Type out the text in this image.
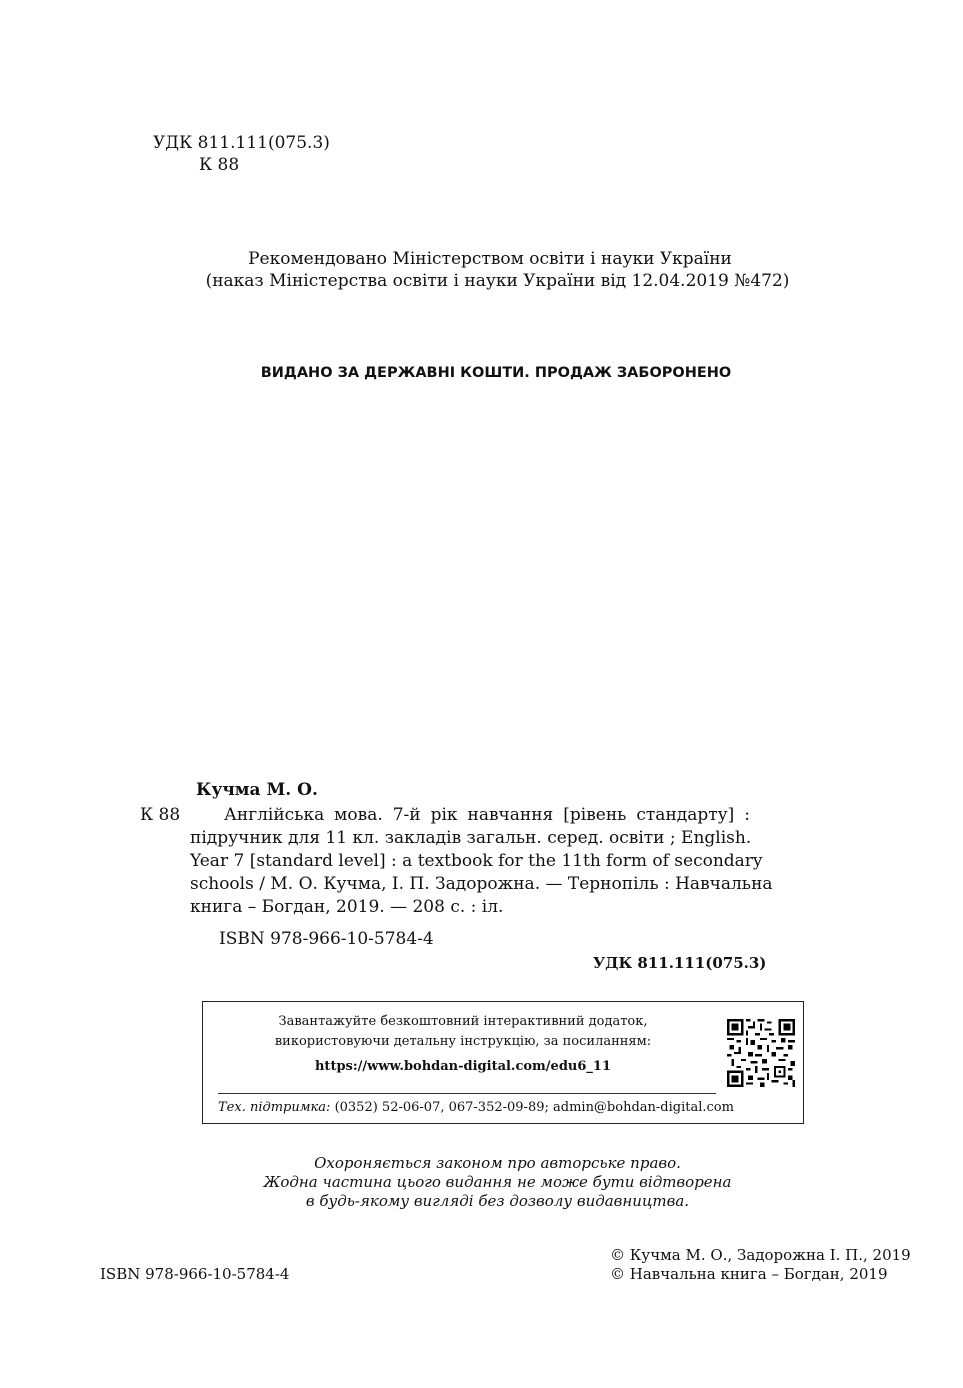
УДК 811.111(075.3)
К 88
Рекомендовано Міністерством освіти і науки України
(наказ Міністерства освіти і науки України від 12.04.2019 №472)
ВИДАНО ЗА ДЕРЖАВНІ КОШТИ. ПРОДАЖ ЗАБОРОНЕНО
Кучма М. О.
К 88	Англійська мова. 7-й рік навчання [рівень стандарту] :
підручник для 11 кл. закладів загальн. серед. освіти ; English.
Year 7 [standard level] : a textbook for the 11th form of secondary
schools / М. О. Кучма, І. П. Задорожна. — Тернопіль : Навчальна
книга – Богдан, 2019. — 208 с. : іл.
ISBN 978-966-10-5784-4
УДК 811.111(075.3)
Завантажуйте безкоштовний інтерактивний додаток,
використовуючи детальну інструкцію, за посиланням:
https://www.bohdan-digital.com/edu6_11
Тех. підтримка: (0352) 52-06-07, 067-352-09-89; admin@bohdan-digital.com
Охороняється законом про авторське право.
Жодна частина цього видання не може бути відтворена
в будь-якому вигляді без дозволу видавництва.
ISBN 978-966-10-5784-4
© Кучма М. О., Задорожна І. П., 2019
© Навчальна книга – Богдан, 2019
